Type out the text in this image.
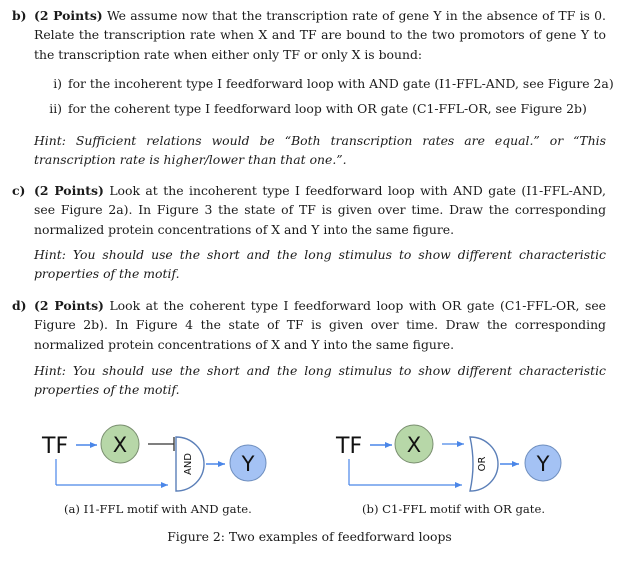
b) (2 Points) We assume now that the transcription rate of gene Y in the absence of TF is 0. Relate the transcription rate when X and TF are bound to the two promotors of gene Y to the transcription rate when either only TF or only X is bound:

i) for the incoherent type I feedforward loop with AND gate (I1-FFL-AND, see Figure 2a)
ii) for the coherent type I feedforward loop with OR gate (C1-FFL-OR, see Figure 2b)

Hint: Sufficient relations would be “Both transcription rates are equal.” or “This transcription rate is higher/lower than that one.”.

c) (2 Points) Look at the incoherent type I feedforward loop with AND gate (I1-FFL-AND, see Figure 2a). In Figure 3 the state of TF is given over time. Draw the corresponding normalized protein concentrations of X and Y into the same figure.

Hint: You should use the short and the long stimulus to show different characteristic properties of the motif.

d) (2 Points) Look at the coherent type I feedforward loop with OR gate (C1-FFL-OR, see Figure 2b). In Figure 4 the state of TF is given over time. Draw the corresponding normalized protein concentrations of X and Y into the same figure.

Hint: You should use the short and the long stimulus to show different characteristic properties of the motif.

TF X
AND Y
TF X
OR Y
(a) I1-FFL motif with AND gate.	(b) C1-FFL motif with OR gate.
Figure 2: Two examples of feedforward loops
